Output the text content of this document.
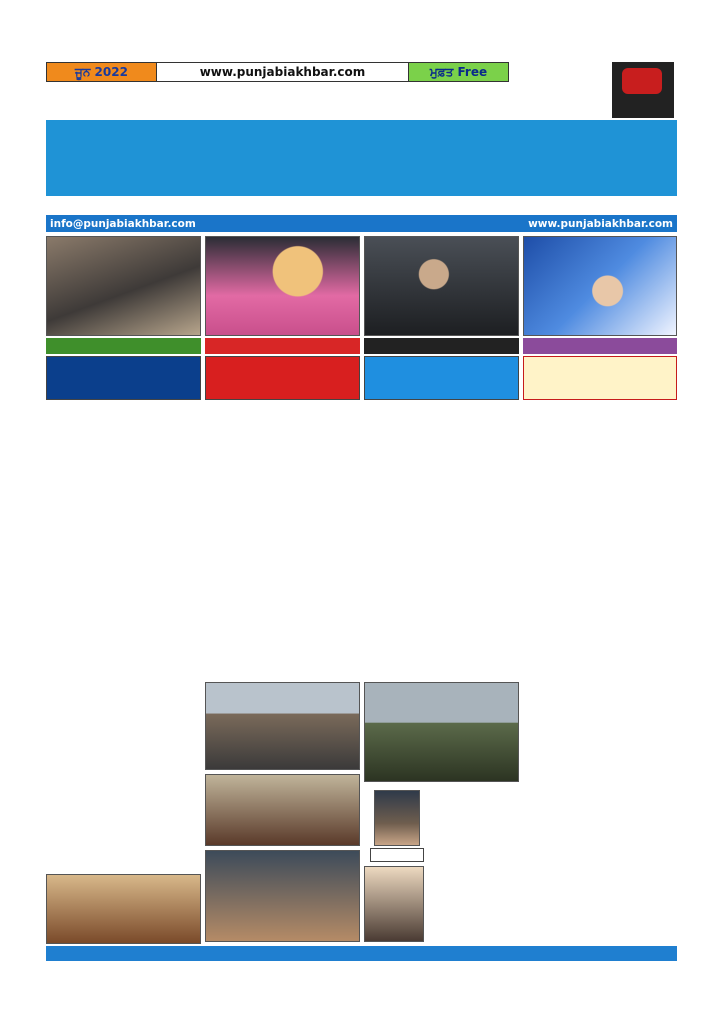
ਜੂਨ 2022	www.punjabiakhbar.com	ਮੁਫ਼ਤ Free
info@punjabiakhbar.com	www.punjabiakhbar.com
